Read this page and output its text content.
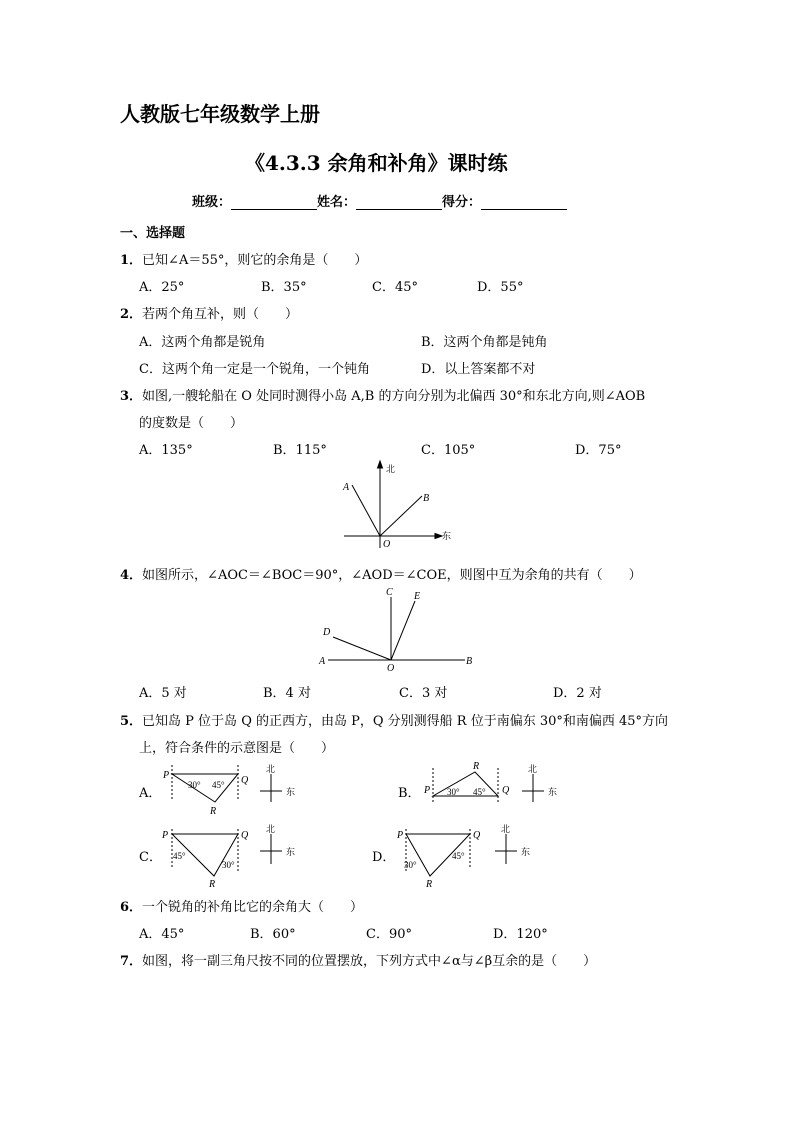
人教版七年级数学上册
《4.3.3 余角和补角》课时练
班级：	姓名：	得分：
一、选择题
1．已知∠A＝55°，则它的余角是（　　）
A．25°	B．35°	C．45°	D．55°
2．若两个角互补，则（　　）
A．这两个角都是锐角	B．这两个角都是钝角
C．这两个角一定是一个锐角，一个钝角	D．以上答案都不对
3．如图,一艘轮船在 O 处同时测得小岛 A,B 的方向分别为北偏西 30°和东北方向,则∠AOB
的度数是（　　）
A．135°	B．115°	C．105°	D．75°
北
东
A
B
O
4．如图所示，∠AOC＝∠BOC＝90°，∠AOD＝∠COE，则图中互为余角的共有（　　）
A	B
C
D
E
O
A．5 对	B．4 对	C．3 对	D．2 对
5．已知岛 P 位于岛 Q 的正西方，由岛 P，Q 分别测得船 R 位于南偏东 30°和南偏西 45°方向
上，符合条件的示意图是（　　）
A．
P	Q
R
30° 45°
北
东	B． P	Q
R
30° 45°
北
东
C．
P	Q
R
45°
30°
北
东	D．
P	Q
R
30°
45°
北
东
6．一个锐角的补角比它的余角大（　　）
A．45°	B．60°	C．90°	D．120°
7．如图，将一副三角尺按不同的位置摆放，下列方式中∠α与∠β互余的是（　　）
